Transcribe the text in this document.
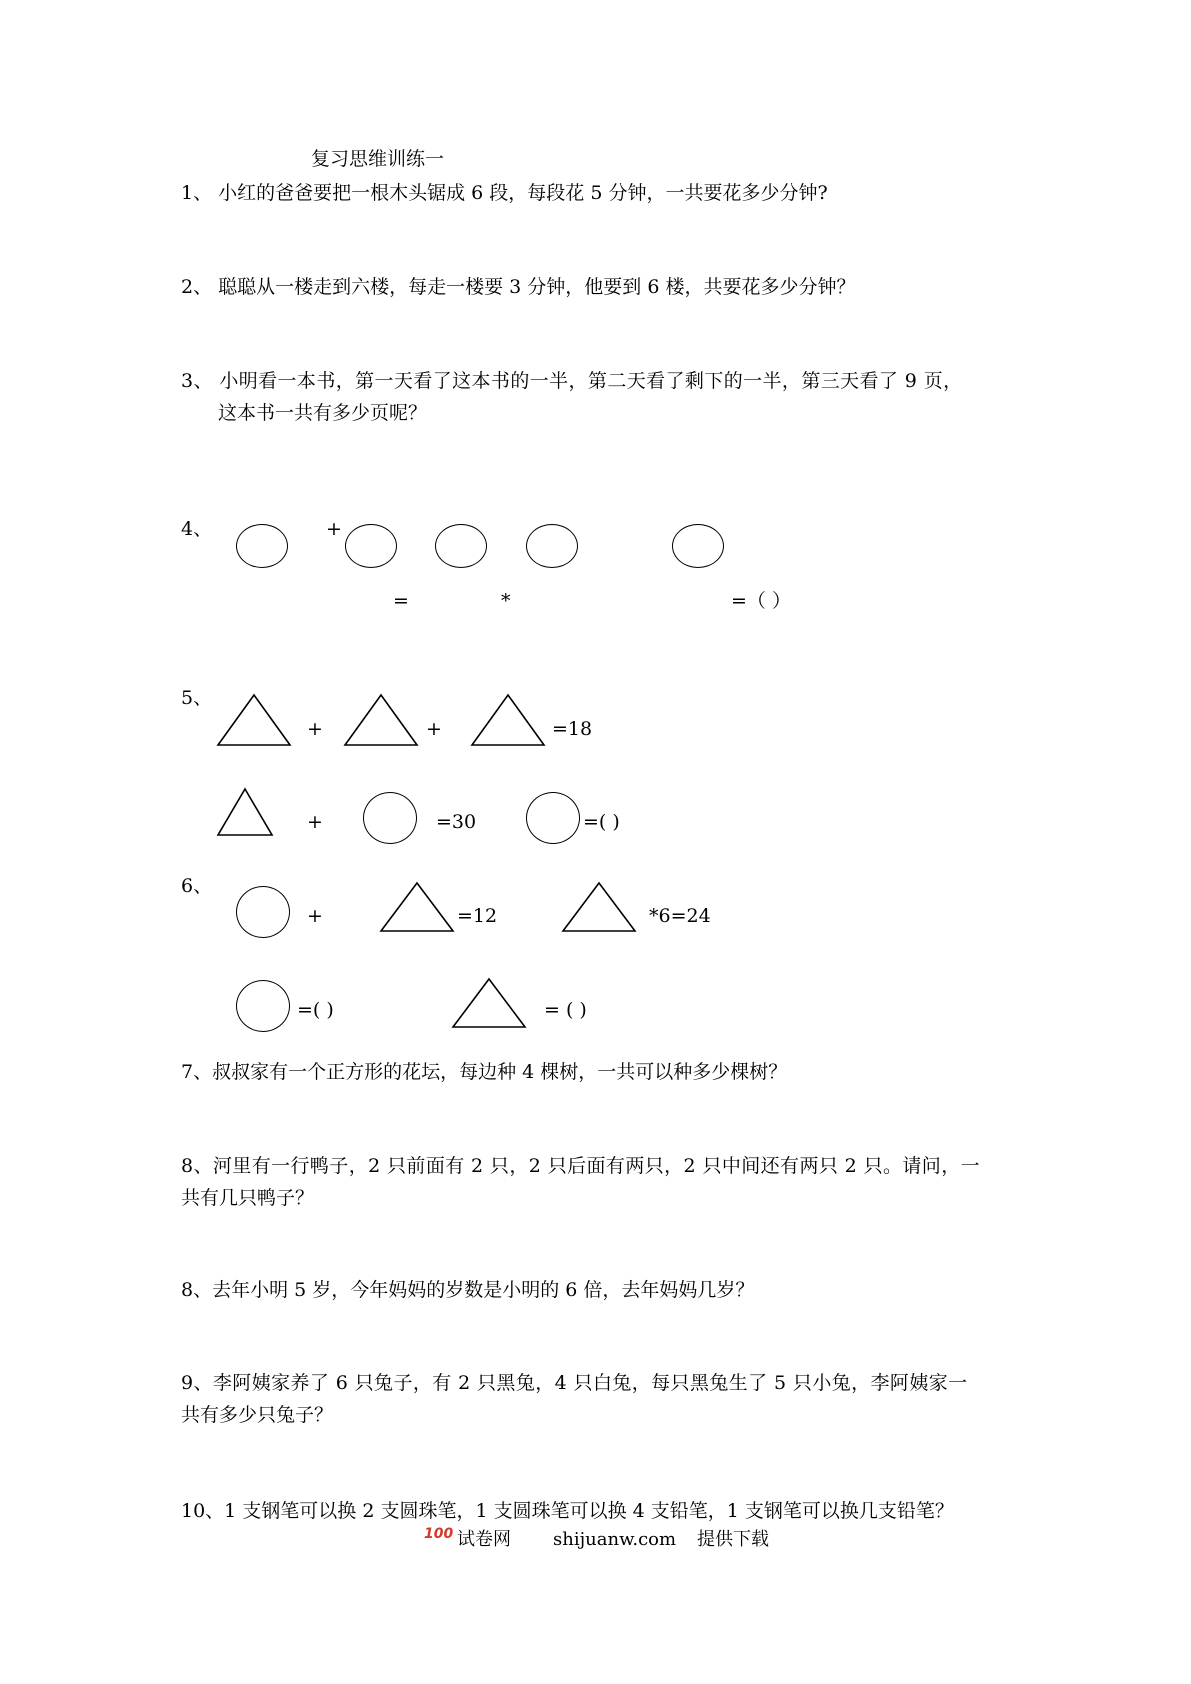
复习思维训练一
1、 小红的爸爸要把一根木头锯成 6 段，每段花 5 分钟，一共要花多少分钟?
2、 聪聪从一楼走到六楼，每走一楼要 3 分钟，他要到 6 楼，共要花多少分钟？
3、 小明看一本书，第一天看了这本书的一半，第二天看了剩下的一半，第三天看了 9 页，
这本书一共有多少页呢？
4、	+
=	*	=（ ）
5、
+	+	=18
+	=30	=( )
6、
+	=12	*6=24
=( )	= ( )
7、叔叔家有一个正方形的花坛，每边种 4 棵树，一共可以种多少棵树？
8、河里有一行鸭子，2 只前面有 2 只，2 只后面有两只，2 只中间还有两只 2 只。请问，一
共有几只鸭子？
8、去年小明 5 岁，今年妈妈的岁数是小明的 6 倍，去年妈妈几岁？
9、李阿姨家养了 6 只兔子，有 2 只黑兔，4 只白兔，每只黑兔生了 5 只小兔，李阿姨家一
共有多少只兔子？
10、1 支钢笔可以换 2 支圆珠笔，1 支圆珠笔可以换 4 支铅笔，1 支钢笔可以换几支铅笔？
100 试卷网 shijuanw.com 提供下载
